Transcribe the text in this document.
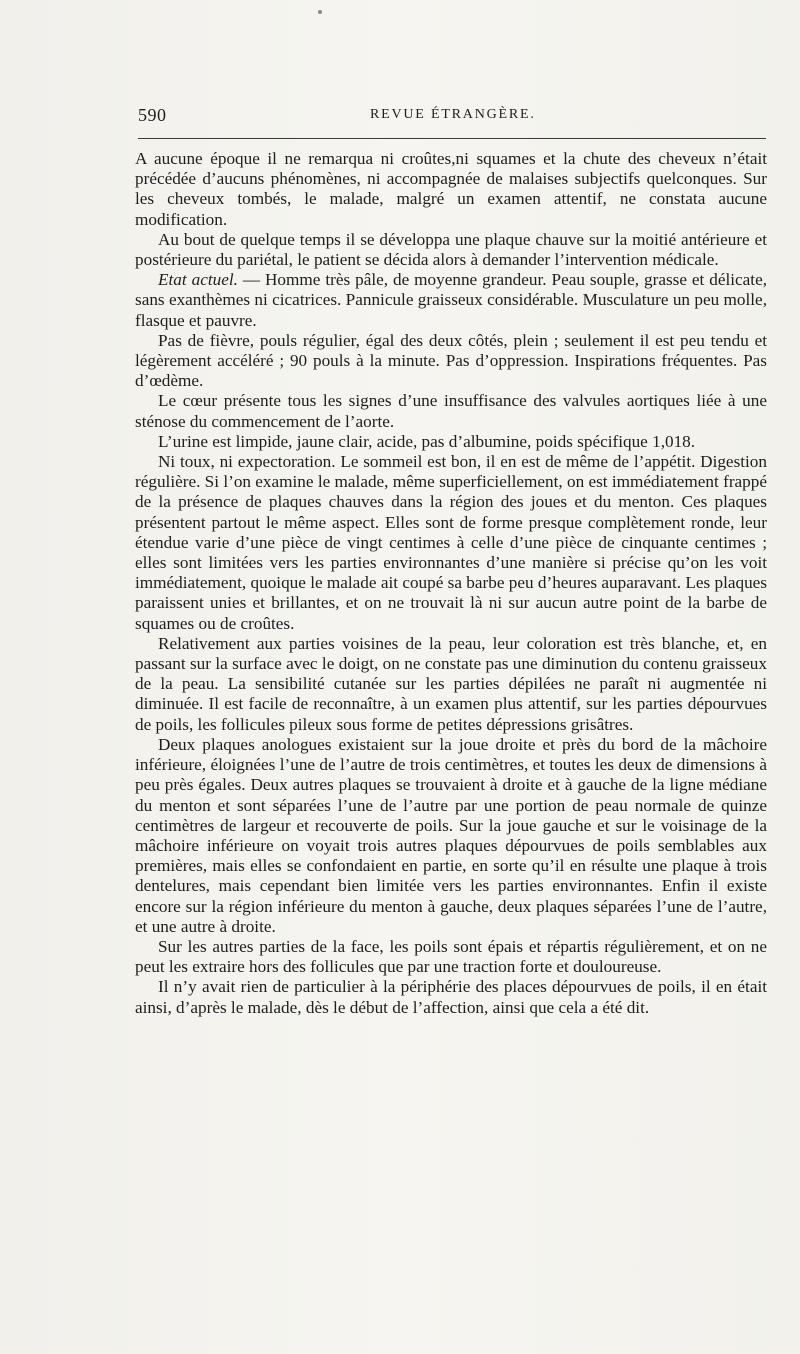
590	REVUE ÉTRANGÈRE.

A aucune époque il ne remarqua ni croûtes,ni squames et la chute des cheveux n’était précédée d’aucuns phénomènes, ni accompagnée de malaises subjectifs quelconques. Sur les cheveux tombés, le malade, malgré un examen attentif, ne constata aucune modification.

Au bout de quelque temps il se développa une plaque chauve sur la moitié antérieure et postérieure du pariétal, le patient se décida alors à demander l’intervention médicale.

Etat actuel. — Homme très pâle, de moyenne grandeur. Peau souple, grasse et délicate, sans exanthèmes ni cicatrices. Pannicule graisseux considérable. Musculature un peu molle, flasque et pauvre.

Pas de fièvre, pouls régulier, égal des deux côtés, plein ; seulement il est peu tendu et légèrement accéléré ; 90 pouls à la minute. Pas d’oppression. Inspirations fréquentes. Pas d’œdème.

Le cœur présente tous les signes d’une insuffisance des valvules aortiques liée à une sténose du commencement de l’aorte.

L’urine est limpide, jaune clair, acide, pas d’albumine, poids spécifique 1,018.

Ni toux, ni expectoration. Le sommeil est bon, il en est de même de l’appétit. Digestion régulière. Si l’on examine le malade, même superficiellement, on est immédiatement frappé de la présence de plaques chauves dans la région des joues et du menton. Ces plaques présentent partout le même aspect. Elles sont de forme presque complètement ronde, leur étendue varie d’une pièce de vingt centimes à celle d’une pièce de cinquante centimes ; elles sont limitées vers les parties environnantes d’une manière si précise qu’on les voit immédiatement, quoique le malade ait coupé sa barbe peu d’heures auparavant. Les plaques paraissent unies et brillantes, et on ne trouvait là ni sur aucun autre point de la barbe de squames ou de croûtes.

Relativement aux parties voisines de la peau, leur coloration est très blanche, et, en passant sur la surface avec le doigt, on ne constate pas une diminution du contenu graisseux de la peau. La sensibilité cutanée sur les parties dépilées ne paraît ni augmentée ni diminuée. Il est facile de reconnaître, à un examen plus attentif, sur les parties dépourvues de poils, les follicules pileux sous forme de petites dépressions grisâtres.

Deux plaques anologues existaient sur la joue droite et près du bord de la mâchoire inférieure, éloignées l’une de l’autre de trois centimètres, et toutes les deux de dimensions à peu près égales. Deux autres plaques se trouvaient à droite et à gauche de la ligne médiane du menton et sont séparées l’une de l’autre par une portion de peau normale de quinze centimètres de largeur et recouverte de poils. Sur la joue gauche et sur le voisinage de la mâchoire inférieure on voyait trois autres plaques dépourvues de poils semblables aux premières, mais elles se confondaient en partie, en sorte qu’il en résulte une plaque à trois dentelures, mais cependant bien limitée vers les parties environnantes. Enfin il existe encore sur la région inférieure du menton à gauche, deux plaques séparées l’une de l’autre, et une autre à droite.

Sur les autres parties de la face, les poils sont épais et répartis régulièrement, et on ne peut les extraire hors des follicules que par une traction forte et douloureuse.

Il n’y avait rien de particulier à la périphérie des places dépourvues de poils, il en était ainsi, d’après le malade, dès le début de l’affection, ainsi que cela a été dit.
